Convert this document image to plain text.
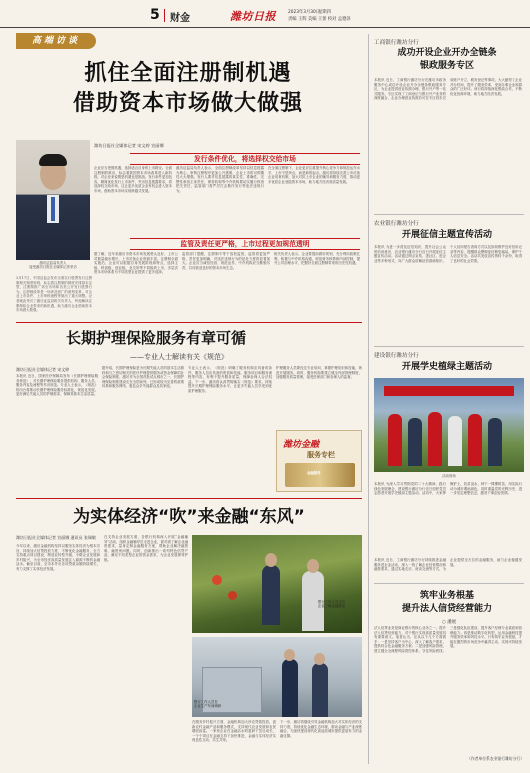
5 财金	潍坊日报	2023年3月30日
星期四
责编 王辉 美编 王蕾 校对 孟德泽
高端访谈
抓住全面注册制机遇
借助资本市场做大做强
潍坊证监局负责人
接受潍坊日报社全媒体记者采访
3月17日，中国证监会发布全面实行股票发行注册制相关制度规则，标志着注册制的制度安排基本定型，注册制推广到全市场和各类公开发行股票行为。注册制改革是一场涉及面广的深刻变革，对企业上市条件、上市审核流程等做出了重大调整。记者就此采访了潍坊证监局相关负责人，听他解读注册制给企业带来的新机遇，助力潍坊企业借助资本市场做大做强。
潍坊日报社全媒体记者 宋文婷 宣丽娜
发行条件优化，将选择权交给市场
企业应当把握机遇，选择适合自身的上市路径。全面注册制的推出，标志着我国资本市场改革进入新阶段，对企业来说既是机遇也是挑战。发行条件更加包容，精简优化发行上市条件，突出信息披露要求，将选择权交给市场，这让更多优质企业有机会进入资本市场，借助资本市场实现跨越式发展。
潍坊证监局负责人表示，全面注册制改革坚持以信息披露为核心，审核注册程序更加公开透明，企业上市的可预期性大大增强。发行人要对信息披露的真实性、准确性、完整性承担主体责任，保荐机构等中介机构要切实履行核查把关责任，监管部门将严厉打击欺诈发行等违法违规行为。
在全面注册制下，企业更应注重提升核心竞争力和规范运作水平，上市不是终点，而是新的起点。潍坊将持续完善上市后备企业培育机制，加大对拟上市企业的辅导和服务力度，推动更多优质企业登陆资本市场，助力地方经济高质量发展。
监管及责任更严格，上市过程更加规范透明
据了解，近年来潍坊市资本市场发展势头良好，上市公司数量稳步增长，上市后备企业资源丰富。注册制全面实施后，企业可以根据自身发展阶段和特点，选择主板、科创板、创业板、北交所等不同板块上市，多层次资本市场体系为不同类型企业提供了更多选择。
监管部门提醒，注册制不等于放松监管，监管将更加严格，责任更加明确，对违法违规行为的惩处力度将显著加大。企业应当诚信经营、规范运作，中介机构应当勤勉尽责，共同营造良好的资本市场生态。
相关负责人表示，企业要提前做好规划，充分利用政策红利，积极与中介机构沟通，规范财务核算和内部控制，提升公司治理水平，把握好全面注册制带来的历史性机遇。
长期护理保险服务有章可循
——专业人士解读有关《规范》
潍坊日报社全媒体记者 宋文婷
本报讯 近日，国家医疗保障局发布《长期护理保险服务规范》，对长期护理保险服务提供机构、服务人员、服务内容及流程等作出规范。专业人士表示，《规范》的出台将推动长期护理保险服务标准化、规范化发展，更好满足失能人员的护理需求，保障其基本生活质量。
据介绍，长期护理保险是为长期失能人员的基本生活照料和与之密切相关的医疗护理提供服务或资金保障的社会保险制度。潍坊作为全国首批试点城市之一，长期护理保险制度建设走在全国前列，已形成较为完善的政策体系和服务网络，惠及众多失能群众及其家庭。
专业人士表示，《规范》明确了服务机构应具备的条件、服务人员应具备的资质和技能、服务项目和服务流程等内容，有利于提升服务质量，保障参保人合法权益。下一步，潍坊将认真贯彻落实《规范》要求，持续提升长期护理保险服务水平，让更多失能人员享受到优质护理服务。
护理服务人员要经过专业培训，掌握护理知识和技能，规范开展服务。同时，服务机构要建立健全内部管理制度，加强服务质量管理，接受医保部门和参保人的监督。
潍坊金融
服务专栏
金融服务
为实体经济“吹”来金融“东风”
潍坊日报社全媒体记者 宣丽娜 通讯员 张瑞敏
今年以来，潍坊金融机构坚持以服务实体经济为根本宗旨，持续加大信贷投放力度，不断优化金融服务，全力支持重点项目建设、制造业转型升级、小微企业发展和乡村振兴，为全市经济高质量发展注入源源不断的金融活水。截至目前，全市本外币各项贷款余额持续增长，有力支撑了实体经济发展。
在支持企业发展方面，各银行机构深入开展“金融辅导”活动，组织金融辅导员走进企业，面对面了解企业融资需求，量身定制金融服务方案，帮助企业解决融资难、融资贵问题。同时，创新推出一系列特色信贷产品，满足不同类型企业的资金需求，为企业发展保驾护航。
银行工作人员走访
企业了解金融需求
银行工作人员在
企业生产车间调研
在服务乡村振兴方面，金融机构加大涉农贷款投放，创新农村金融产品和服务模式，支持现代农业发展和农民增收致富。一家家企业在金融活水的滋润下茁壮成长，一个个项目在金融支持下加快推进，金融与实体经济实现良性互动、共生共荣。
下一步，潍坊将继续引导金融机构加大对实体经济的支持力度，持续优化金融生态环境，推动金融与产业深度融合，为加快建设现代化高品质城市提供更加有力的金融支撑。
工商银行潍坊分行
成功开设企业开办全链条
银政服务专区
本报讯 近日，工商银行潍坊分行在潍坊市政务服务中心成功开设企业开办全链条银政服务专区，为企业提供营业执照办理、银行开户等一站式服务。专区实现了工商登记与银行开户业务的深度融合，企业办理营业执照后可在专区同步完成账户开立、税务登记等事项，大大缩短了企业开办时间，提升了服务效率，受到办事企业和群众的广泛好评。该行将持续深化银政合作，不断优化营商环境，助力地方经济发展。
农业银行潍坊分行
开展征信主题宣传活动
本报讯 为进一步普及征信知识，提升社会公众的信用意识，农业银行潍坊分行近日开展征信主题宣传活动。活动通过网点宣传、进社区、进企业等多种形式，向广大群众讲解征信基础知识、个人信用报告查询方式以及如何维护良好信用记录等内容，提醒群众警惕征信修复骗局，保护个人信息安全。活动共发放宣传资料千余份，取得了良好的社会效果。
建设银行潍坊分行
开展学史植绿主题活动
活动现场
本报讯 为深入学习贯彻党的二十大精神，践行绿色发展理念，建设银行潍坊分行近日组织党员志愿者开展学史植绿主题活动。活动中，大家挥锹铲土、扶苗浇水，种下一棵棵树苗，用实际行动为城市增添绿色，同时重温党的光辉历史，进一步坚定理想信念，激发干事创业热情。
本报讯 近日，工商银行潍坊分行持续推进金融服务进企业活动，深入一线了解企业经营情况和融资需求，通过实地走访、座谈交流等方式，为企业提供全方位的金融服务，助力企业稳健发展。
筑牢业务根基
提升法人信贷经营能力
○ 潘展
法人信贷业务是商业银行的核心业务之一，提升法人信贷经营能力，对于银行实现高质量发展具有重要意义。笔者认为，应从以下几个方面着手：一是坚持客户为中心，深入了解客户需求，提供综合化金融服务方案；二是加强风险管理，建立健全全流程风险管控体系，守住风险底线；三是强化队伍建设，提升客户经理专业素质和营销能力；四是推动数字化转型，运用金融科技提升服务效率和风控水平。只有筑牢业务根基，才能在激烈的市场竞争中赢得主动，实现可持续发展。
（作者单位系农业银行潍坊分行）
